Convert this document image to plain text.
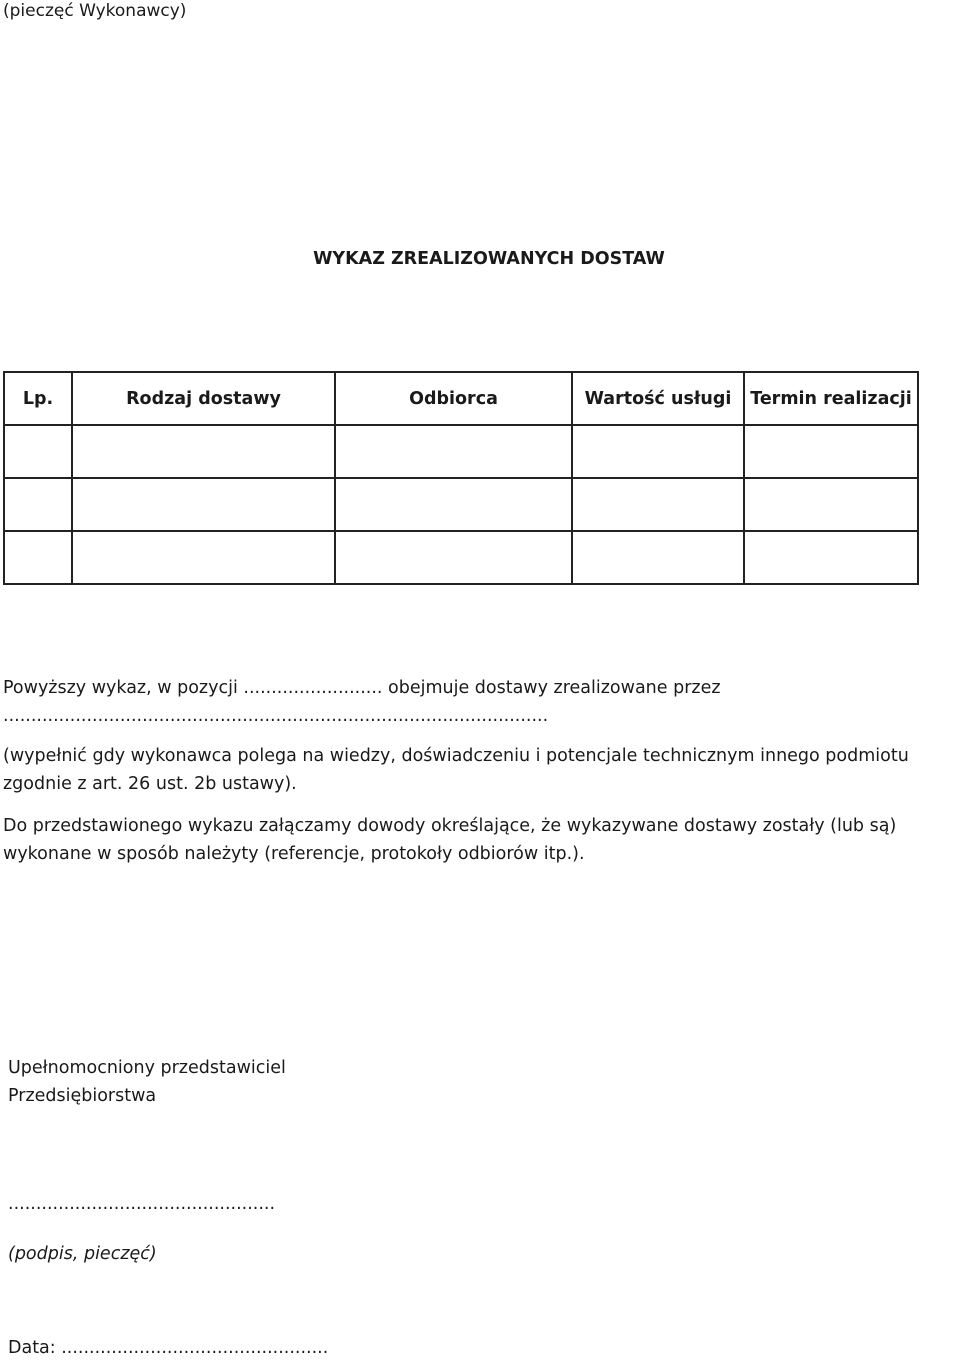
(pieczęć Wykonawcy)
WYKAZ ZREALIZOWANYCH DOSTAW
Lp.	Rodzaj dostawy	Odbiorca	Wartość usługi	Termin realizacji

Powyższy wykaz, w pozycji ......................... obejmuje dostawy zrealizowane przez
..................................................................................................
(wypełnić gdy wykonawca polega na wiedzy, doświadczeniu i potencjale technicznym innego podmiotu
zgodnie z art. 26 ust. 2b ustawy).
Do przedstawionego wykazu załączamy dowody określające, że wykazywane dostawy zostały (lub są)
wykonane w sposób należyty (referencje, protokoły odbiorów itp.).
Upełnomocniony przedstawiciel
Przedsiębiorstwa
................................................
(podpis, pieczęć)
Data: ................................................
